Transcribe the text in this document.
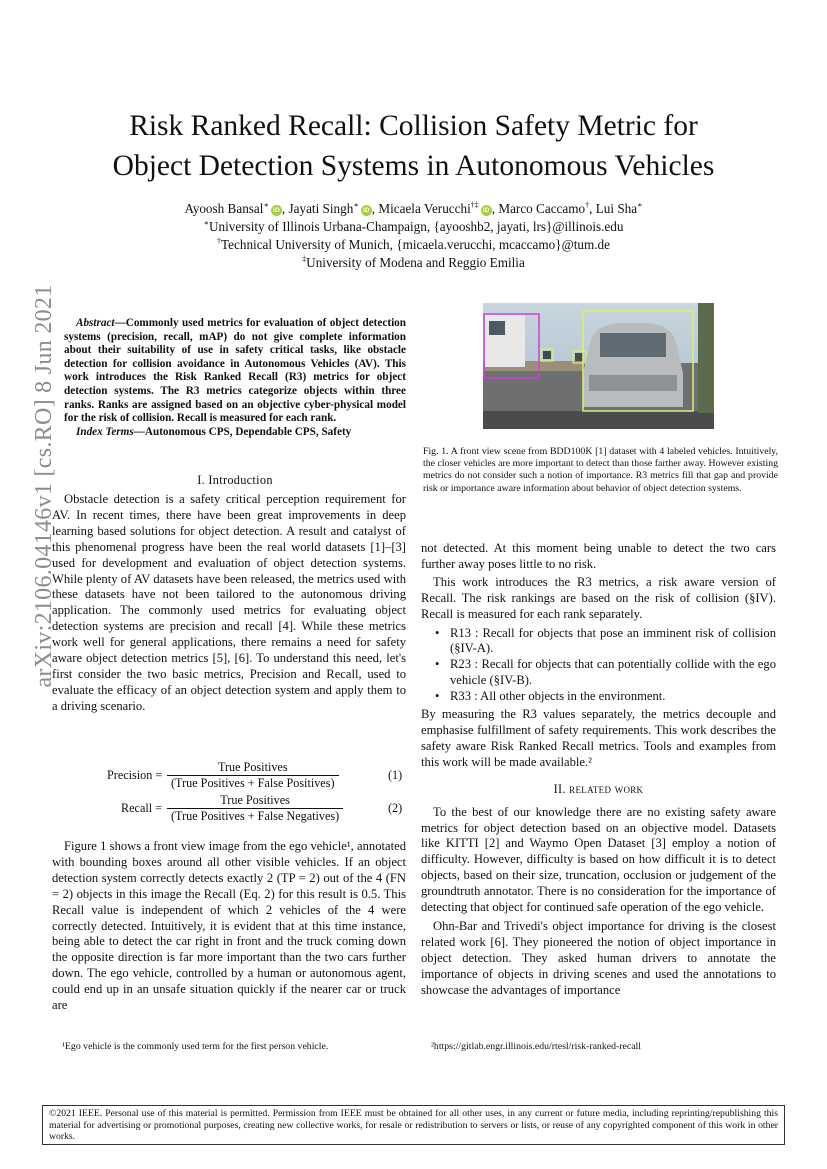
Risk Ranked Recall: Collision Safety Metric for
Object Detection Systems in Autonomous Vehicles
Ayoosh Bansal∗iD , Jayati Singh∗iD , Micaela Verucchi†‡iD , Marco Caccamo†, Lui Sha∗
∗University of Illinois Urbana-Champaign, {ayooshb2, jayati, lrs}@illinois.edu
†Technical University of Munich, {micaela.verucchi, mcaccamo}@tum.de
‡University of Modena and Reggio Emilia
arXiv:2106.04146v1 [cs.RO] 8 Jun 2021	Abstract—Commonly used metrics for evaluation of object detection systems (precision, recall, mAP) do not give complete information about their suitability of use in safety critical tasks, like obstacle detection for collision avoidance in Autonomous Vehicles (AV). This work introduces the Risk Ranked Recall (R3) metrics for object detection systems. The R3 metrics categorize objects within three ranks. Ranks are assigned based on an objective cyber-physical model for the risk of collision. Recall is measured for each rank.
Index Terms—Autonomous CPS, Dependable CPS, Safety
I. Introduction

Obstacle detection is a safety critical perception requirement for AV. In recent times, there have been great improvements in deep learning based solutions for object detection. A result and catalyst of this phenomenal progress have been the real world datasets [1]–[3] used for development and evaluation of object detection systems. While plenty of AV datasets have been released, the metrics used with these datasets have not been tailored to the autonomous driving application. The commonly used metrics for evaluating object detection systems are precision and recall [4]. While these metrics work well for general applications, there remains a need for safety aware object detection metrics [5], [6]. To understand this need, let's first consider the two basic metrics, Precision and Recall, used to evaluate the efficacy of an object detection system and apply them to a driving scenario.

Precision =
True Positives
(True Positives + False Positives)
(1)
Recall =
True Positives
(True Positives + False Negatives)
(2)

Figure 1 shows a front view image from the ego vehicle¹, annotated with bounding boxes around all other visible vehicles. If an object detection system correctly detects exactly 2 (TP = 2) out of the 4 (FN = 2) objects in this image the Recall (Eq. 2) for this result is 0.5. This Recall value is independent of which 2 vehicles of the 4 were correctly detected. Intuitively, it is evident that at this time instance, being able to detect the car right in front and the truck coming down the opposite direction is far more important than the two cars further down. The ego vehicle, controlled by a human or autonomous agent, could end up in an unsafe situation quickly if the nearer car or truck are

¹Ego vehicle is the commonly used term for the first person vehicle.
Fig. 1. A front view scene from BDD100K [1] dataset with 4 labeled vehicles. Intuitively, the closer vehicles are more important to detect than those farther away. However existing metrics do not consider such a notion of importance. R3 metrics fill that gap and provide risk or importance aware information about behavior of object detection systems.
not detected. At this moment being unable to detect the two cars further away poses little to no risk.

This work introduces the R3 metrics, a risk aware version of Recall. The risk rankings are based on the risk of collision (§IV). Recall is measured for each rank separately.

• R13 : Recall for objects that pose an imminent risk of collision (§IV-A).
• R23 : Recall for objects that can potentially collide with the ego vehicle (§IV-B).
• R33 : All other objects in the environment.
By measuring the R3 values separately, the metrics decouple and emphasise fulfillment of safety requirements. This work describes the safety aware Risk Ranked Recall metrics. Tools and examples from this work will be made available.²
II. related work

To the best of our knowledge there are no existing safety aware metrics for object detection based on an objective model. Datasets like KITTI [2] and Waymo Open Dataset [3] employ a notion of difficulty. However, difficulty is based on how difficult it is to detect objects, based on their size, truncation, occlusion or judgement of the groundtruth annotator. There is no consideration for the importance of detecting that object for continued safe operation of the ego vehicle.

Ohn-Bar and Trivedi's object importance for driving is the closest related work [6]. They pioneered the notion of object importance in object detection. They asked human drivers to annotate the importance of objects in driving scenes and used the annotations to showcase the advantages of importance

²https://gitlab.engr.illinois.edu/rtesl/risk-ranked-recall
©2021 IEEE. Personal use of this material is permitted. Permission from IEEE must be obtained for all other uses, in any current or future media, including reprinting/republishing this material for advertising or promotional purposes, creating new collective works, for resale or redistribution to servers or lists, or reuse of any copyrighted component of this work in other works.
